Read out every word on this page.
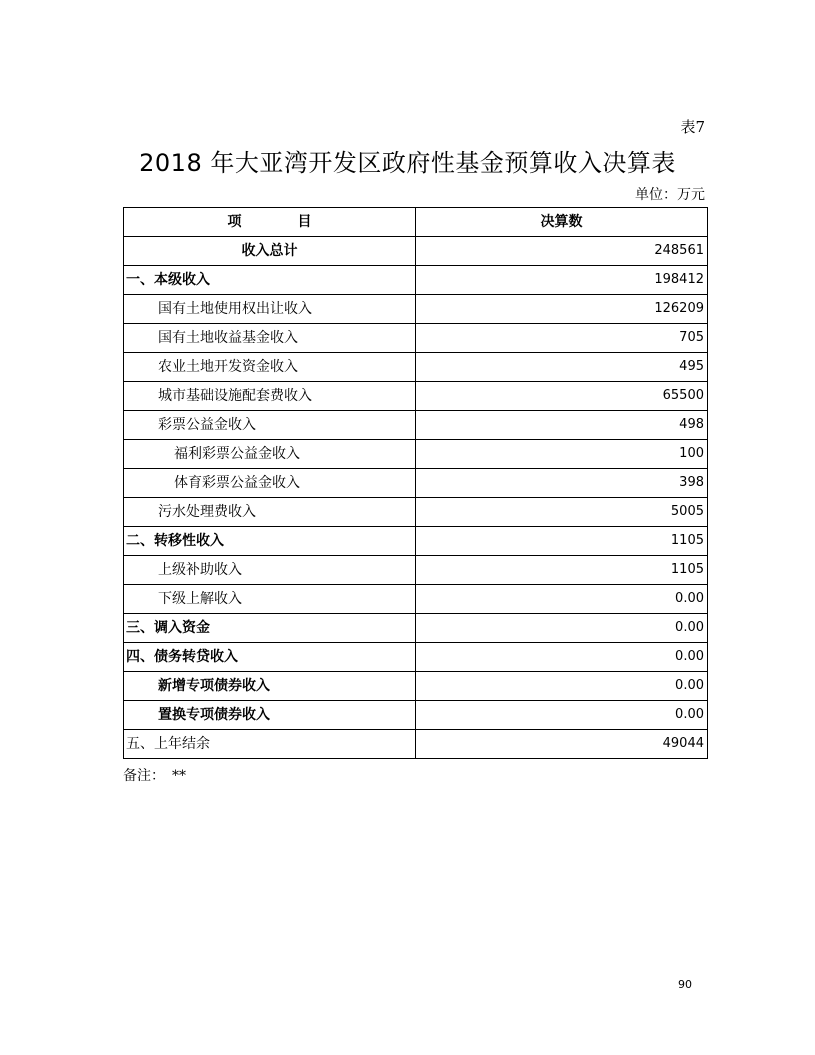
表7
2018 年大亚湾开发区政府性基金预算收入决算表
单位：万元
项　　　　目	决算数
收入总计	248561
一、本级收入	198412
国有土地使用权出让收入	126209
国有土地收益基金收入	705
农业土地开发资金收入	495
城市基础设施配套费收入	65500
彩票公益金收入	498
福利彩票公益金收入	100
体育彩票公益金收入	398
污水处理费收入	5005
二、转移性收入	1105
上级补助收入	1105
下级上解收入	0.00
三、调入资金	0.00
四、债务转贷收入	0.00
新增专项债券收入	0.00
置换专项债券收入	0.00
五、上年结余	49044
备注：　**
90
